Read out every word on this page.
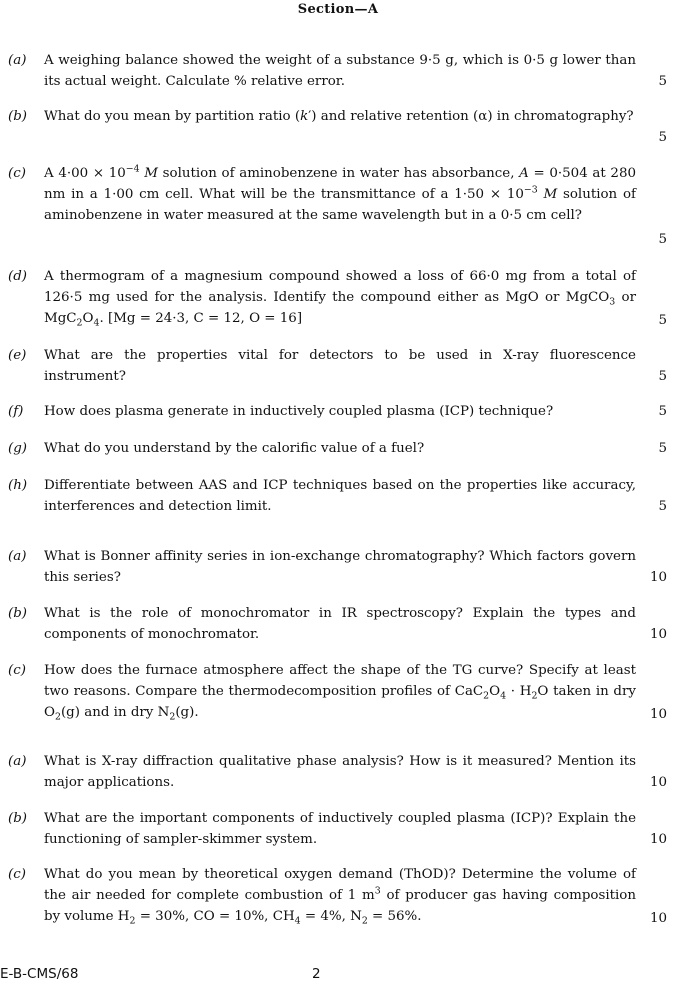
Section—A
(a) A weighing balance showed the weight of a substance 9·5 g, which is 0·5 g lower than its actual weight. Calculate % relative error.	5
(b) What do you mean by partition ratio (k′) and relative retention (α) in chromatography?
5
(c) A $4\cdot 00 \times 10^{-4}$ M solution of aminobenzene in water has absorbance, A = 0·504 at 280 nm in a 1·00 cm cell. What will be the transmittance of a $1\cdot 50 \times 10^{-3}$ M solution of aminobenzene in water measured at the same wavelength but in a 0·5 cm cell?
5
(d) A thermogram of a magnesium compound showed a loss of 66·0 mg from a total of 126·5 mg used for the analysis. Identify the compound either as MgO or MgCO$_3$ or $MgC_2O_4$. [Mg = 24·3, C = 12, O = 16]	5
(e) What are the properties vital for detectors to be used in X-ray fluorescence instrument?	5
(f) How does plasma generate in inductively coupled plasma (ICP) technique?	5
(g) What do you understand by the calorific value of a fuel?	5
(h) Differentiate between AAS and ICP techniques based on the properties like accuracy, interferences and detection limit.	5
(a) What is Bonner affinity series in ion-exchange chromatography? Which factors govern this series?	10
(b) What is the role of monochromator in IR spectroscopy? Explain the types and components of monochromator.	10
(c) How does the furnace atmosphere affect the shape of the TG curve? Specify at least two reasons. Compare the thermodecomposition profiles of $CaC_2O_4 \cdot H_2O$ taken in dry $O_2(g)$ and in dry $N_2(g)$.	10
(a) What is X-ray diffraction qualitative phase analysis? How is it measured? Mention its major applications.	10
(b) What are the important components of inductively coupled plasma (ICP)? Explain the functioning of sampler-skimmer system.	10
(c) What do you mean by theoretical oxygen demand (ThOD)? Determine the volume of the air needed for complete combustion of 1 $m^3$ of producer gas having composition by volume $H_2 = 30\%$, CO = 10%, $CH_4 = 4\%$, $N_2 = 56\%$.	10
E-B-CMS/68	2
